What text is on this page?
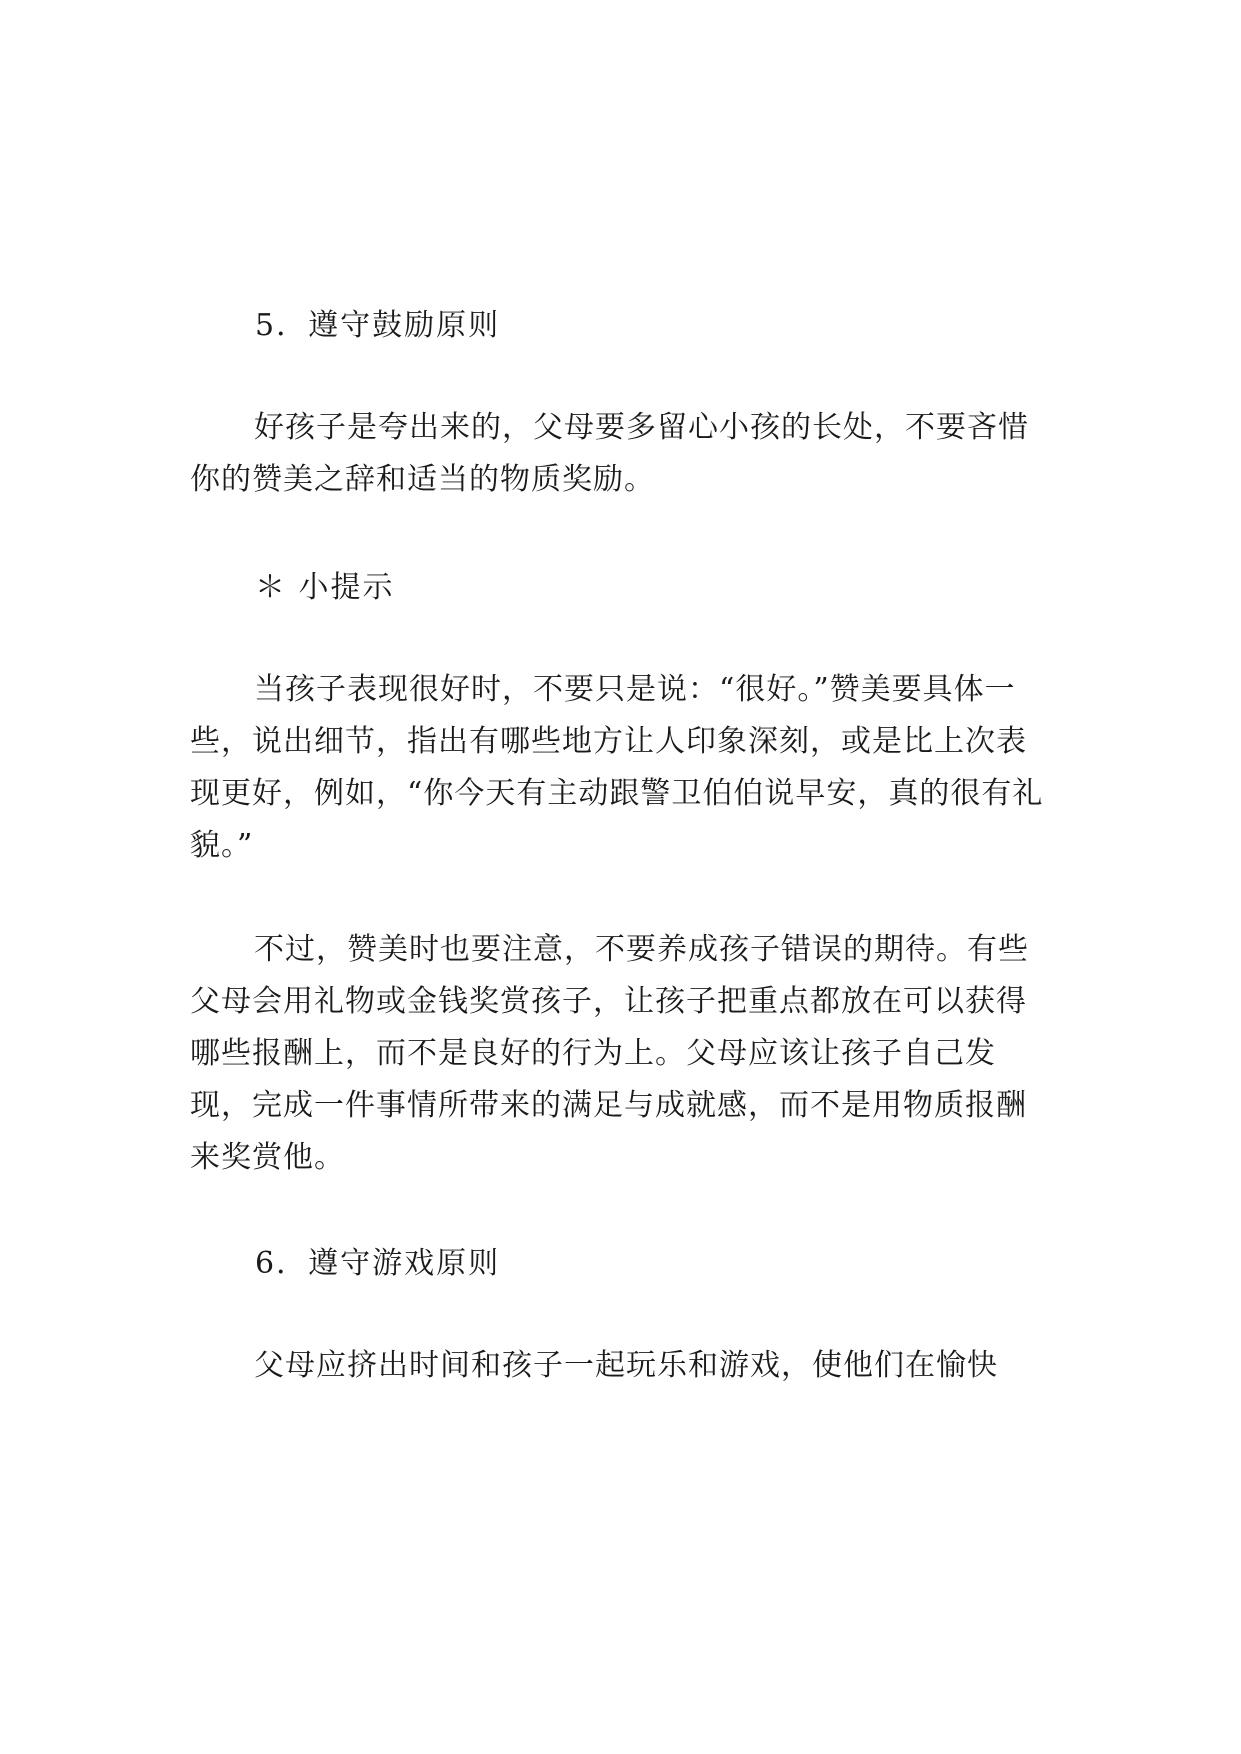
5．遵守鼓励原则

好孩子是夸出来的，父母要多留心小孩的长处，不要吝惜你的赞美之辞和适当的物质奖励。

＊ 小提示

当孩子表现很好时，不要只是说：“很好。”赞美要具体一些，说出细节，指出有哪些地方让人印象深刻，或是比上次表现更好，例如，“你今天有主动跟警卫伯伯说早安，真的很有礼貌。”

不过，赞美时也要注意，不要养成孩子错误的期待。有些父母会用礼物或金钱奖赏孩子，让孩子把重点都放在可以获得哪些报酬上，而不是良好的行为上。父母应该让孩子自己发现，完成一件事情所带来的满足与成就感，而不是用物质报酬来奖赏他。

6．遵守游戏原则

父母应挤出时间和孩子一起玩乐和游戏，使他们在愉快
